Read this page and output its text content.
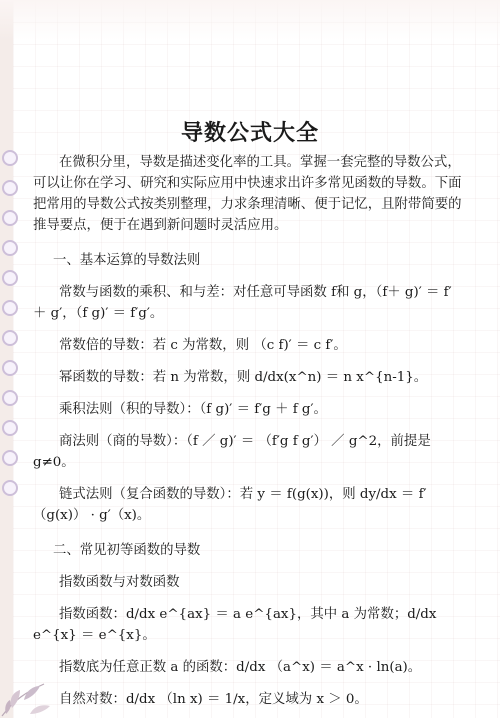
导数公式大全

在微积分里，导数是描述变化率的工具。掌握一套完整的导数公式，可以让你在学习、研究和实际应用中快速求出许多常见函数的导数。下面把常用的导数公式按类别整理，力求条理清晰、便于记忆，且附带简要的推导要点，便于在遇到新问题时灵活应用。

一、基本运算的导数法则

常数与函数的乘积、和与差：对任意可导函数 f和 g，（f＋ g)′ ＝ f′＋ g′，（f g)′ ＝ f′g′。

常数倍的导数：若 c 为常数，则 （c f)′ ＝ c f′。

幂函数的导数：若 n 为常数，则 d/dx(x^n) ＝ n x^{n-1}。

乘积法则（积的导数）：（f g)′ ＝ f′g ＋ f g′。

商法则（商的导数）：（f ／ g)′ ＝ （f′g f g′） ／ g^2，前提是 g≠0。

链式法则（复合函数的导数）：若 y ＝ f(g(x))，则 dy/dx ＝ f′（g(x)） · g′（x)。

二、常见初等函数的导数

指数函数与对数函数

指数函数：d/dx e^{ax} ＝ a e^{ax}，其中 a 为常数；d/dx e^{x} ＝ e^{x}。

指数底为任意正数 a 的函数：d/dx （a^x) ＝ a^x · ln(a)。

自然对数：d/dx （ln x) ＝ 1/x，定义域为 x ＞ 0。
